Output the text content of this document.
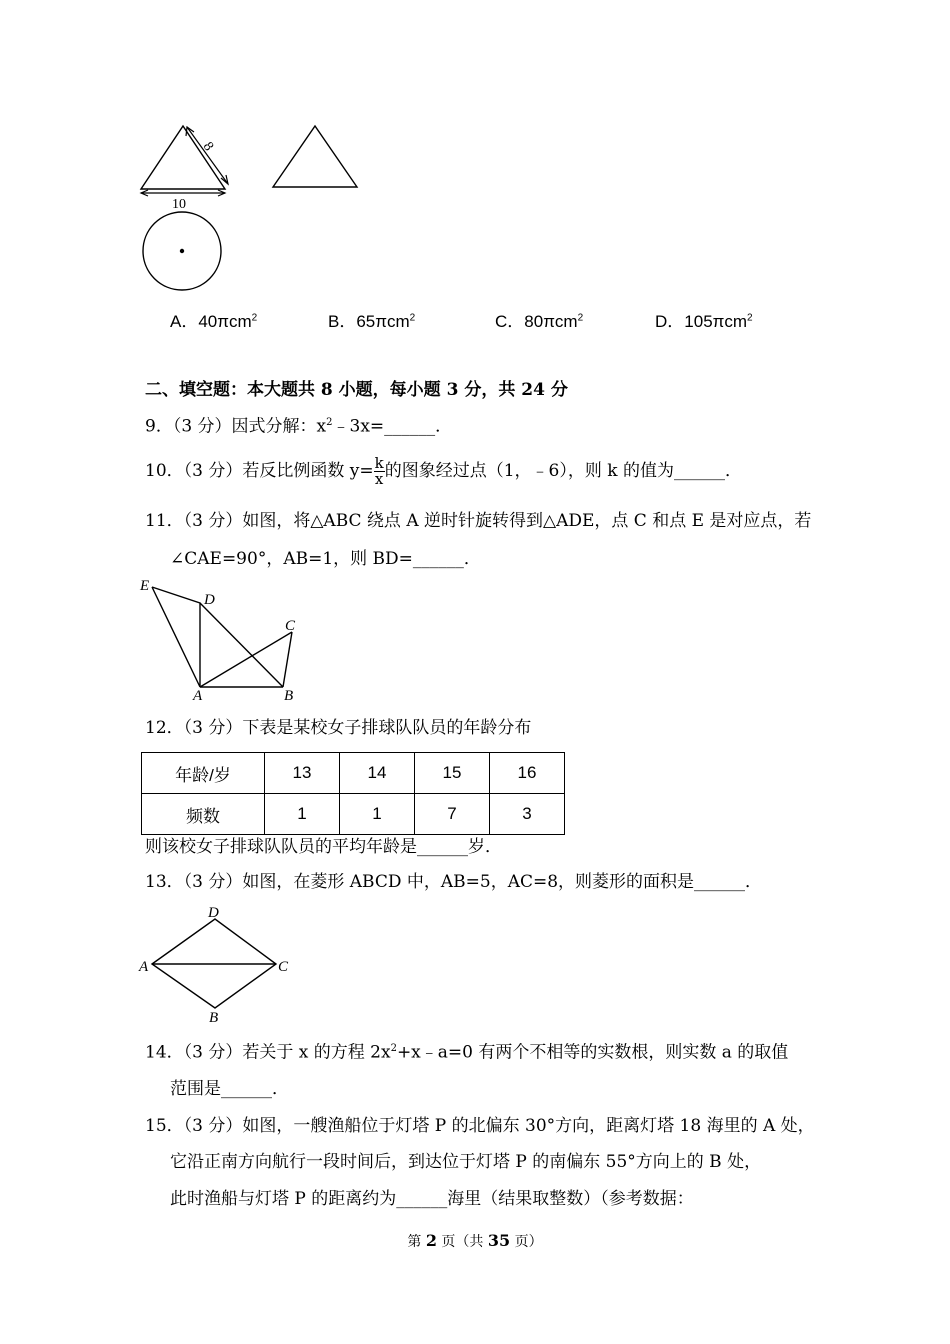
8
10
A．40πcm$^2$	B．65πcm$^2$	C．80πcm$^2$	D．105πcm$^2$
二、填空题：本大题共 8 小题，每小题 3 分，共 24 分
9．（3 分）因式分解：$x^2﹣3x=\_\_\_\_\_\_$．
10．（3 分）若反比例函数 $y= \frac{k}{x}$ 的图象经过点（1，﹣6），则 k 的值为______．
11．（3 分）如图，将△ABC 绕点 A 逆时针旋转得到△ADE，点 C 和点 E 是对应点，若
∠CAE=90°，AB=1，则 BD=______．
E
D
C
A	B
12．（3 分）下表是某校女子排球队队员的年龄分布
年龄/岁	13	14	15	16
频数	1	1	7	3
则该校女子排球队队员的平均年龄是______岁．
13．（3 分）如图，在菱形 ABCD 中，AB=5，AC=8，则菱形的面积是______．
D
A	C
B
14．（3 分）若关于 x 的方程 $2x^2+x﹣a=0$ 有两个不相等的实数根，则实数 a 的取值
范围是______．
15．（3 分）如图，一艘渔船位于灯塔 P 的北偏东 30°方向，距离灯塔 18 海里的 A 处，
它沿正南方向航行一段时间后，到达位于灯塔 P 的南偏东 55°方向上的 B 处，
此时渔船与灯塔 P 的距离约为______海里（结果取整数）（参考数据：
第 2 页（共 35 页）
